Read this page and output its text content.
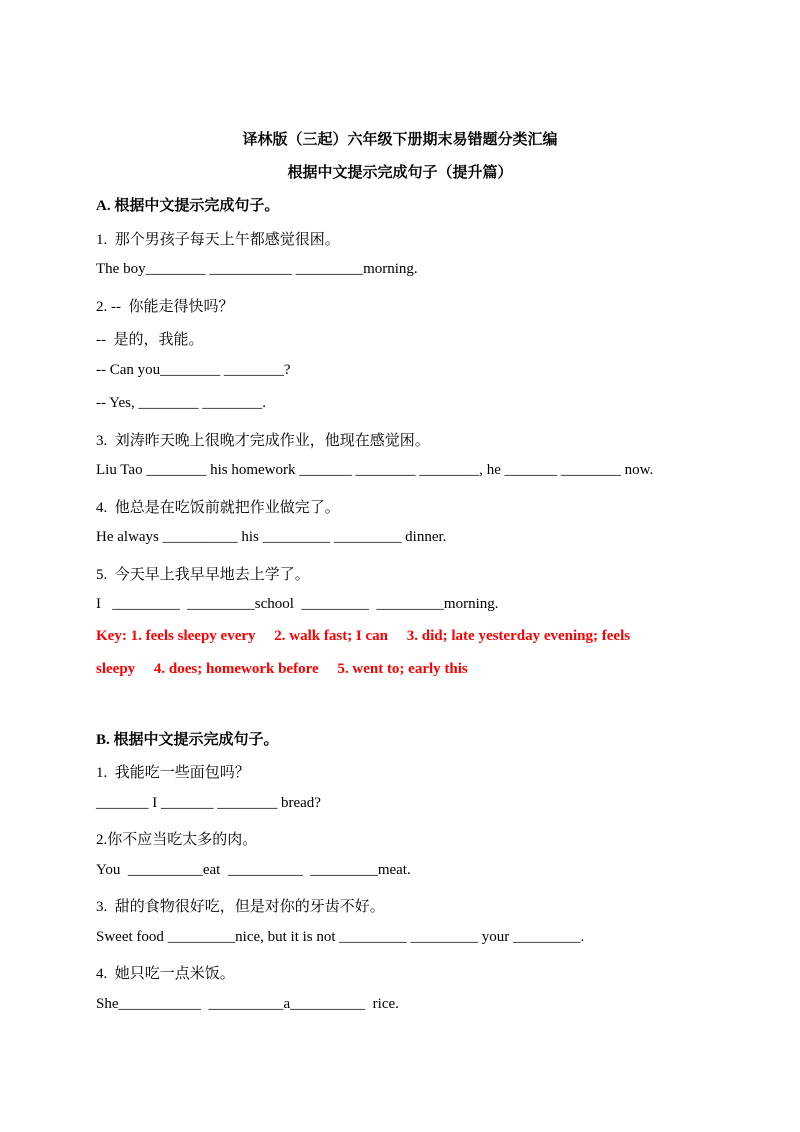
译林版（三起）六年级下册期末易错题分类汇编
根据中文提示完成句子（提升篇）
A. 根据中文提示完成句子。
1.  那个男孩子每天上午都感觉很困。
The boy________ ___________ _________morning.
2. --  你能走得快吗？
--  是的，我能。
-- Can you________ ________?
-- Yes, ________ ________.
3.  刘涛昨天晚上很晚才完成作业，他现在感觉困。
Liu Tao ________ his homework _______ ________ ________, he _______ ________ now.
4.  他总是在吃饭前就把作业做完了。
He always __________ his _________ _________ dinner.
5.  今天早上我早早地去上学了。
I   _________  _________school  _________  _________morning.
Key: 1. feels sleepy every     2. walk fast; I can     3. did; late yesterday evening; feels
sleepy     4. does; homework before     5. went to; early this
B. 根据中文提示完成句子。
1.  我能吃一些面包吗？
_______ I _______ ________ bread?
2.你不应当吃太多的肉。
You  __________eat  __________  _________meat.
3.  甜的食物很好吃，但是对你的牙齿不好。
Sweet food _________nice, but it is not _________ _________ your _________.
4.  她只吃一点米饭。
She___________  __________a__________  rice.
